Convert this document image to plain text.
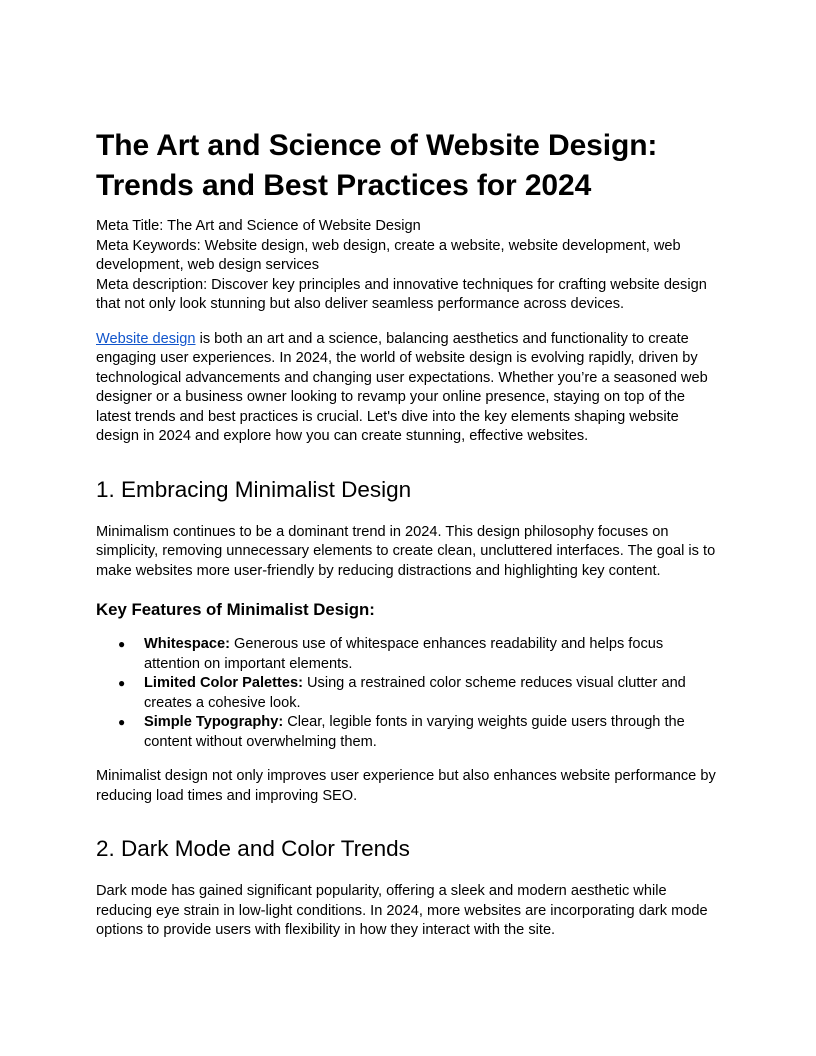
The Art and Science of Website Design: Trends and Best Practices for 2024
Meta Title: The Art and Science of Website Design
Meta Keywords: Website design, web design, create a website, website development, web development, web design services
Meta description: Discover key principles and innovative techniques for crafting website design that not only look stunning but also deliver seamless performance across devices.

Website design is both an art and a science, balancing aesthetics and functionality to create engaging user experiences. In 2024, the world of website design is evolving rapidly, driven by technological advancements and changing user expectations. Whether you’re a seasoned web designer or a business owner looking to revamp your online presence, staying on top of the latest trends and best practices is crucial. Let's dive into the key elements shaping website design in 2024 and explore how you can create stunning, effective websites.

1. Embracing Minimalist Design

Minimalism continues to be a dominant trend in 2024. This design philosophy focuses on simplicity, removing unnecessary elements to create clean, uncluttered interfaces. The goal is to make websites more user-friendly by reducing distractions and highlighting key content.

Key Features of Minimalist Design:
● Whitespace: Generous use of whitespace enhances readability and helps focus attention on important elements.
● Limited Color Palettes: Using a restrained color scheme reduces visual clutter and creates a cohesive look.
● Simple Typography: Clear, legible fonts in varying weights guide users through the content without overwhelming them.

Minimalist design not only improves user experience but also enhances website performance by reducing load times and improving SEO.

2. Dark Mode and Color Trends

Dark mode has gained significant popularity, offering a sleek and modern aesthetic while reducing eye strain in low-light conditions. In 2024, more websites are incorporating dark mode options to provide users with flexibility in how they interact with the site.
